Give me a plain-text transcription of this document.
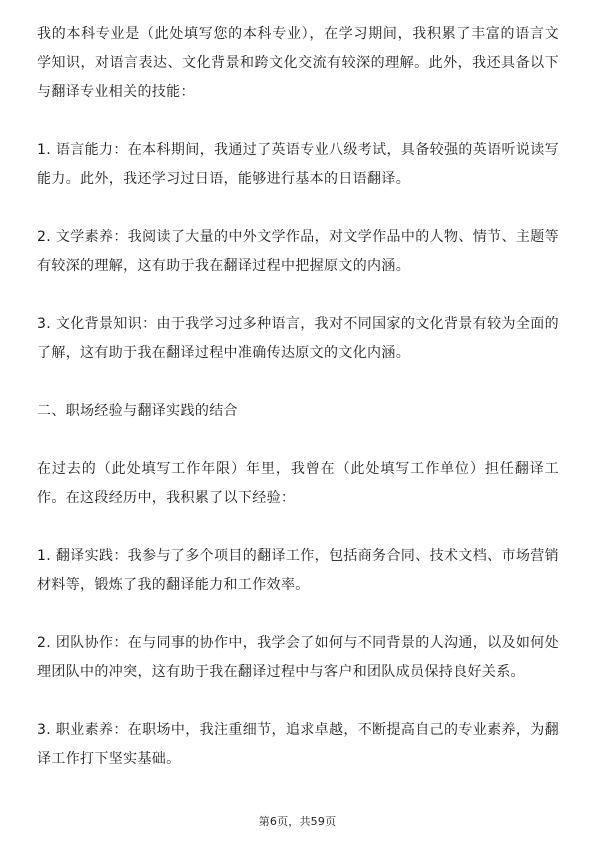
我的本科专业是（此处填写您的本科专业），在学习期间，我积累了丰富的语言文学知识，对语言表达、文化背景和跨文化交流有较深的理解。此外，我还具备以下与翻译专业相关的技能：

1. 语言能力：在本科期间，我通过了英语专业八级考试，具备较强的英语听说读写能力。此外，我还学习过日语，能够进行基本的日语翻译。

2. 文学素养：我阅读了大量的中外文学作品，对文学作品中的人物、情节、主题等有较深的理解，这有助于我在翻译过程中把握原文的内涵。

3. 文化背景知识：由于我学习过多种语言，我对不同国家的文化背景有较为全面的了解，这有助于我在翻译过程中准确传达原文的文化内涵。

二、职场经验与翻译实践的结合

在过去的（此处填写工作年限）年里，我曾在（此处填写工作单位）担任翻译工作。在这段经历中，我积累了以下经验：

1. 翻译实践：我参与了多个项目的翻译工作，包括商务合同、技术文档、市场营销材料等，锻炼了我的翻译能力和工作效率。

2. 团队协作：在与同事的协作中，我学会了如何与不同背景的人沟通，以及如何处理团队中的冲突，这有助于我在翻译过程中与客户和团队成员保持良好关系。

3. 职业素养：在职场中，我注重细节，追求卓越，不断提高自己的专业素养，为翻译工作打下坚实基础。

第6页，共59页
